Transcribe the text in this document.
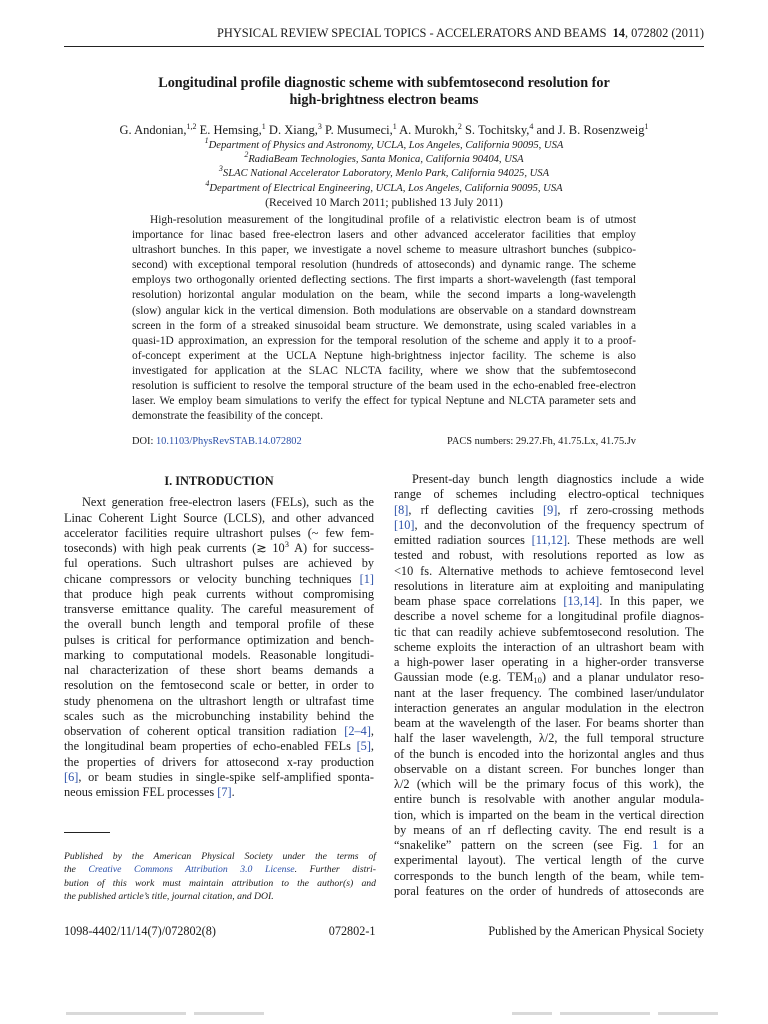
PHYSICAL REVIEW SPECIAL TOPICS - ACCELERATORS AND BEAMS 14, 072802 (2011)
Longitudinal profile diagnostic scheme with subfemtosecond resolution for
high-brightness electron beams
G. Andonian,$^{1,2}$ E. Hemsing,$^1$ D. Xiang,$^3$ P. Musumeci,$^1$ A. Murokh,$^2$ S. Tochitsky,$^4$ and J. B. Rosenzweig$^1$
$^1$Department of Physics and Astronomy, UCLA, Los Angeles, California 90095, USA
$^2$RadiaBeam Technologies, Santa Monica, California 90404, USA
$^3$SLAC National Accelerator Laboratory, Menlo Park, California 94025, USA
$^4$Department of Electrical Engineering, UCLA, Los Angeles, California 90095, USA
(Received 10 March 2011; published 13 July 2011)
High-resolution measurement of the longitudinal profile of a relativistic electron beam is of utmost
importance for linac based free-electron lasers and other advanced accelerator facilities that employ
ultrashort bunches. In this paper, we investigate a novel scheme to measure ultrashort bunches (subpico-
second) with exceptional temporal resolution (hundreds of attoseconds) and dynamic range. The scheme
employs two orthogonally oriented deflecting sections. The first imparts a short-wavelength (fast temporal
resolution) horizontal angular modulation on the beam, while the second imparts a long-wavelength
(slow) angular kick in the vertical dimension. Both modulations are observable on a standard downstream
screen in the form of a streaked sinusoidal beam structure. We demonstrate, using scaled variables in a
quasi-1D approximation, an expression for the temporal resolution of the scheme and apply it to a proof-
of-concept experiment at the UCLA Neptune high-brightness injector facility. The scheme is also
investigated for application at the SLAC NLCTA facility, where we show that the subfemtosecond
resolution is sufficient to resolve the temporal structure of the beam used in the echo-enabled free-electron
laser. We employ beam simulations to verify the effect for typical Neptune and NLCTA parameter sets and
demonstrate the feasibility of the concept.
DOI: 10.1103/PhysRevSTAB.14.072802	PACS numbers: 29.27.Fh, 41.75.Lx, 41.75.Jv
I. INTRODUCTION
Next generation free-electron lasers (FELs), such as the
Linac Coherent Light Source (LCLS), and other advanced
accelerator facilities require ultrashort pulses (~ few fem-
toseconds) with high peak currents (≳ $10^3$ A) for success-
ful operations. Such ultrashort pulses are achieved by
chicane compressors or velocity bunching techniques [1]
that produce high peak currents without compromising
transverse emittance quality. The careful measurement of
the overall bunch length and temporal profile of these
pulses is critical for performance optimization and bench-
marking to computational models. Reasonable longitudi-
nal characterization of these short beams demands a
resolution on the femtosecond scale or better, in order to
study phenomena on the ultrashort length or ultrafast time
scales such as the microbunching instability behind the
observation of coherent optical transition radiation [2–4],
the longitudinal beam properties of echo-enabled FELs [5],
the properties of drivers for attosecond x-ray production
[6], or beam studies in single-spike self-amplified sponta-
neous emission FEL processes [7].
Present-day bunch length diagnostics include a wide
range of schemes including electro-optical techniques
[8], rf deflecting cavities [9], rf zero-crossing methods
[10], and the deconvolution of the frequency spectrum of
emitted radiation sources [11,12]. These methods are well
tested and robust, with resolutions reported as low as
<10 fs. Alternative methods to achieve femtosecond level
resolutions in literature aim at exploiting and manipulating
beam phase space correlations [13,14]. In this paper, we
describe a novel scheme for a longitudinal profile diagnos-
tic that can readily achieve subfemtosecond resolution. The
scheme exploits the interaction of an ultrashort beam with
a high-power laser operating in a higher-order transverse
Gaussian mode (e.g. $TEM_{10}$) and a planar undulator reso-
nant at the laser frequency. The combined laser/undulator
interaction generates an angular modulation in the electron
beam at the wavelength of the laser. For beams shorter than
half the laser wavelength, λ/2, the full temporal structure
of the bunch is encoded into the horizontal angles and thus
observable on a distant screen. For bunches longer than
λ/2 (which will be the primary focus of this work), the
entire bunch is resolvable with another angular modula-
tion, which is imparted on the beam in the vertical direction
by means of an rf deflecting cavity. The end result is a
“snakelike” pattern on the screen (see Fig. 1 for an
experimental layout). The vertical length of the curve
corresponds to the bunch length of the beam, while tem-
poral features on the order of hundreds of attoseconds are
Published by the American Physical Society under the terms of
the Creative Commons Attribution 3.0 License. Further distri-
bution of this work must maintain attribution to the author(s) and
the published article’s title, journal citation, and DOI.
1098-4402/11/14(7)/072802(8)	072802-1	Published by the American Physical Society
